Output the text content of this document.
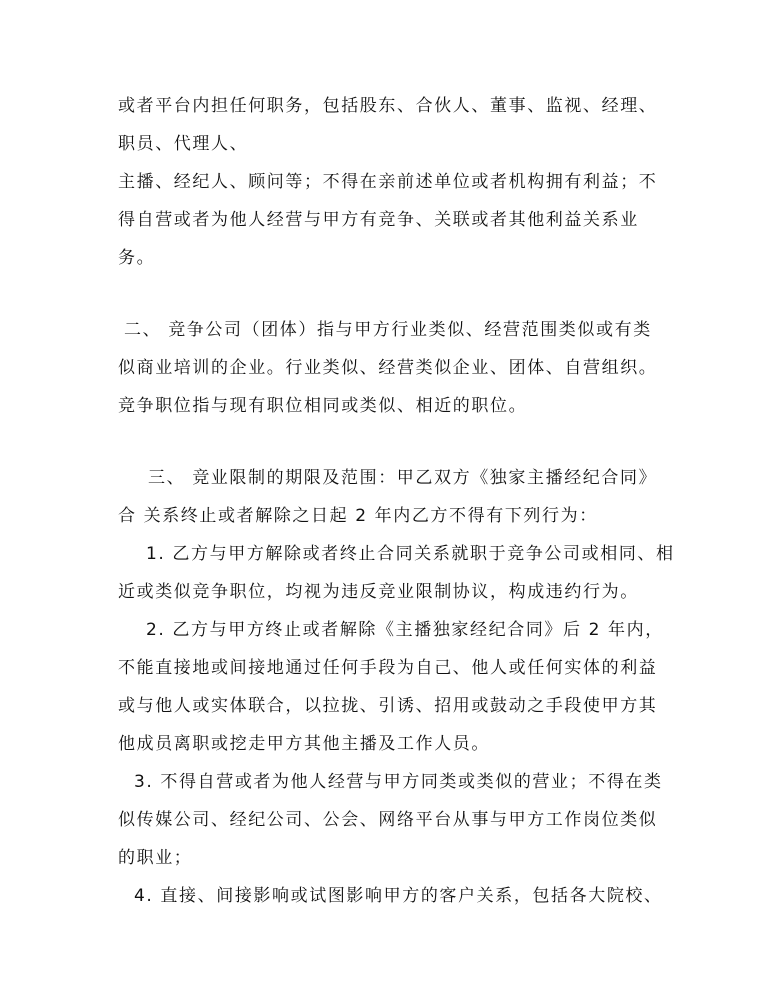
或者平台内担任何职务，包括股东、合伙人、董事、监视、经理、
职员、代理人、
主播、经纪人、顾问等；不得在亲前述单位或者机构拥有利益；不
得自营或者为他人经营与甲方有竞争、关联或者其他利益关系业
务。
二、 竞争公司（团体）指与甲方行业类似、经营范围类似或有类
似商业培训的企业。行业类似、经营类似企业、团体、自营组织。
竞争职位指与现有职位相同或类似、相近的职位。
三、 竞业限制的期限及范围：甲乙双方《独家主播经纪合同》
合 关系终止或者解除之日起 2 年内乙方不得有下列行为：
1. 乙方与甲方解除或者终止合同关系就职于竞争公司或相同、相
近或类似竞争职位，均视为违反竞业限制协议，构成违约行为。
2. 乙方与甲方终止或者解除《主播独家经纪合同》后 2 年内，
不能直接地或间接地通过任何手段为自己、他人或任何实体的利益
或与他人或实体联合，以拉拢、引诱、招用或鼓动之手段使甲方其
他成员离职或挖走甲方其他主播及工作人员。
3. 不得自营或者为他人经营与甲方同类或类似的营业；不得在类
似传媒公司、经纪公司、公会、网络平台从事与甲方工作岗位类似
的职业；
4. 直接、间接影响或试图影响甲方的客户关系，包括各大院校、
